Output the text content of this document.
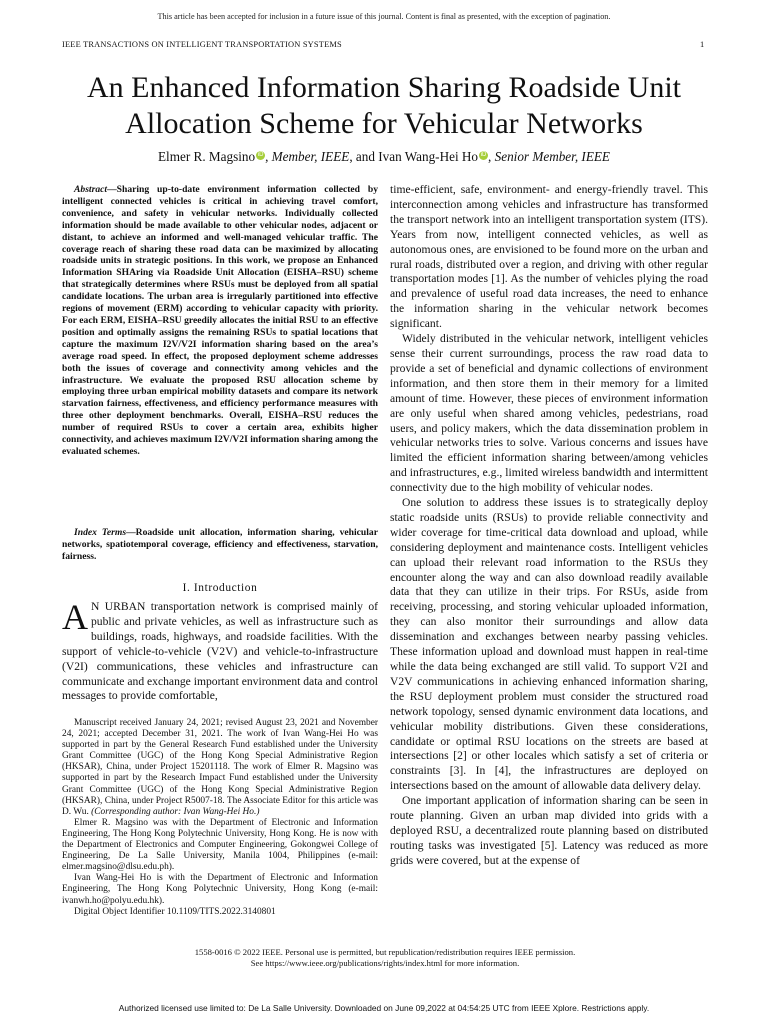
This article has been accepted for inclusion in a future issue of this journal. Content is final as presented, with the exception of pagination.
IEEE TRANSACTIONS ON INTELLIGENT TRANSPORTATION SYSTEMS	1
An Enhanced Information Sharing Roadside Unit
Allocation Scheme for Vehicular Networks
Elmer R. Magsino iD , Member, IEEE, and Ivan Wang-Hei Ho iD , Senior Member, IEEE
Abstract—Sharing up-to-date environment information collected by intelligent connected vehicles is critical in achieving travel comfort, convenience, and safety in vehicular networks. Individually collected information should be made available to other vehicular nodes, adjacent or distant, to achieve an informed and well-managed vehicular traffic. The coverage reach of sharing these road data can be maximized by allocating roadside units in strategic positions. In this work, we propose an Enhanced Information SHAring via Roadside Unit Allocation (EISHA–RSU) scheme that strategically determines where RSUs must be deployed from all spatial candidate locations. The urban area is irregularly partitioned into effective regions of movement (ERM) according to vehicular capacity with priority. For each ERM, EISHA–RSU greedily allocates the initial RSU to an effective position and optimally assigns the remaining RSUs to spatial locations that capture the maximum I2V/V2I information sharing based on the area’s average road speed. In effect, the proposed deployment scheme addresses both the issues of coverage and connectivity among vehicles and the infrastructure. We evaluate the proposed RSU allocation scheme by employing three urban empirical mobility datasets and compare its network starvation fairness, effectiveness, and efficiency performance measures with three other deployment benchmarks. Overall, EISHA–RSU reduces the number of required RSUs to cover a certain area, exhibits higher connectivity, and achieves maximum I2V/V2I information sharing among the evaluated schemes.
Index Terms—Roadside unit allocation, information sharing, vehicular networks, spatiotemporal coverage, efficiency and effectiveness, starvation, fairness.
I. Introduction
A N URBAN transportation network is comprised mainly of public and private vehicles, as well as infrastructure such as buildings, roads, highways, and roadside facilities. With the support of vehicle-to-vehicle (V2V) and vehicle-to-infrastructure (V2I) communications, these vehicles and infrastructure can communicate and exchange important environment data and control messages to provide comfortable,

Manuscript received January 24, 2021; revised August 23, 2021 and November 24, 2021; accepted December 31, 2021. The work of Ivan Wang-Hei Ho was supported in part by the General Research Fund established under the University Grant Committee (UGC) of the Hong Kong Special Administrative Region (HKSAR), China, under Project 15201118. The work of Elmer R. Magsino was supported in part by the Research Impact Fund established under the University Grant Committee (UGC) of the Hong Kong Special Administrative Region (HKSAR), China, under Project R5007-18. The Associate Editor for this article was D. Wu. (Corresponding author: Ivan Wang-Hei Ho.)

Elmer R. Magsino was with the Department of Electronic and Information Engineering, The Hong Kong Polytechnic University, Hong Kong. He is now with the Department of Electronics and Computer Engineering, Gokongwei College of Engineering, De La Salle University, Manila 1004, Philippines (e-mail: elmer.magsino@dlsu.edu.ph).

Ivan Wang-Hei Ho is with the Department of Electronic and Information Engineering, The Hong Kong Polytechnic University, Hong Kong (e-mail: ivanwh.ho@polyu.edu.hk).

Digital Object Identifier 10.1109/TITS.2022.3140801

time-efficient, safe, environment- and energy-friendly travel. This interconnection among vehicles and infrastructure has transformed the transport network into an intelligent transportation system (ITS). Years from now, intelligent connected vehicles, as well as autonomous ones, are envisioned to be found more on the urban and rural roads, distributed over a region, and driving with other regular transportation modes [1]. As the number of vehicles plying the road and prevalence of useful road data increases, the need to enhance the information sharing in the vehicular network becomes significant.

Widely distributed in the vehicular network, intelligent vehicles sense their current surroundings, process the raw road data to provide a set of beneficial and dynamic collections of environment information, and then store them in their memory for a limited amount of time. However, these pieces of environment information are only useful when shared among vehicles, pedestrians, road users, and policy makers, which the data dissemination problem in vehicular networks tries to solve. Various concerns and issues have limited the efficient information sharing between/among vehicles and infrastructures, e.g., limited wireless bandwidth and intermittent connectivity due to the high mobility of vehicular nodes.

One solution to address these issues is to strategically deploy static roadside units (RSUs) to provide reliable connectivity and wider coverage for time-critical data download and upload, while considering deployment and maintenance costs. Intelligent vehicles can upload their relevant road information to the RSUs they encounter along the way and can also download readily available data that they can utilize in their trips. For RSUs, aside from receiving, processing, and storing vehicular uploaded information, they can also monitor their surroundings and allow data dissemination and exchanges between nearby passing vehicles. These information upload and download must happen in real-time while the data being exchanged are still valid. To support V2I and V2V communications in achieving enhanced information sharing, the RSU deployment problem must consider the structured road network topology, sensed dynamic environment data locations, and vehicular mobility distributions. Given these considerations, candidate or optimal RSU locations on the streets are based at intersections [2] or other locales which satisfy a set of criteria or constraints [3]. In [4], the infrastructures are deployed on intersections based on the amount of allowable data delivery delay.

One important application of information sharing can be seen in route planning. Given an urban map divided into grids with a deployed RSU, a decentralized route planning based on distributed routing tasks was investigated [5]. Latency was reduced as more grids were covered, but at the expense of

1558-0016 © 2022 IEEE. Personal use is permitted, but republication/redistribution requires IEEE permission.
See https://www.ieee.org/publications/rights/index.html for more information.
Authorized licensed use limited to: De La Salle University. Downloaded on June 09,2022 at 04:54:25 UTC from IEEE Xplore. Restrictions apply.
